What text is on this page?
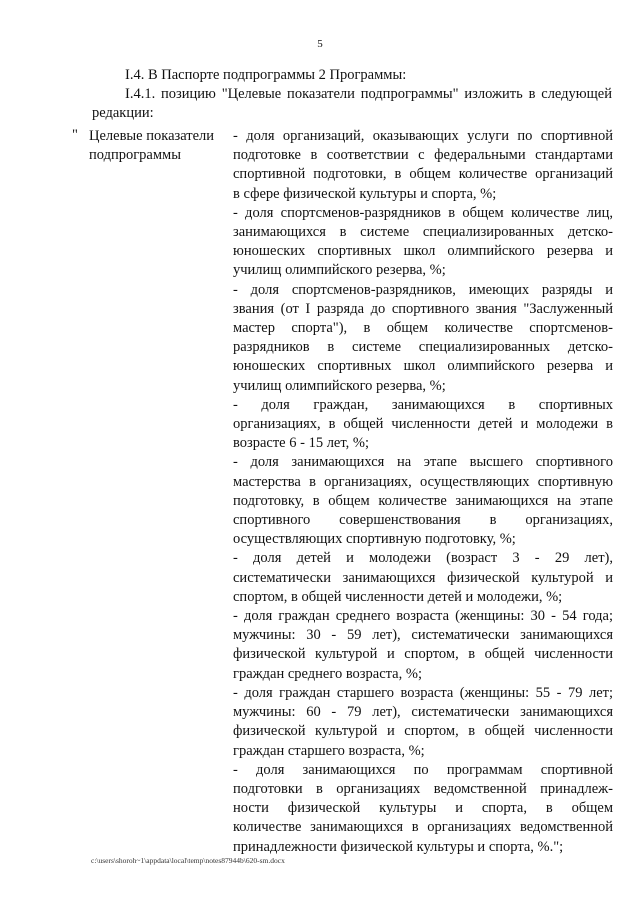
5
I.4. В Паспорте подпрограммы 2 Программы:
I.4.1. позицию "Целевые показатели подпрограммы" изложить в следующей
редакции:
" Целевые показатели
подпрограммы
- доля организаций, оказывающих услуги по спортивной
подготовке в соответствии с федеральными стандартами
спортивной подготовки, в общем количестве организаций
в сфере физической культуры и спорта, %;
- доля спортсменов-разрядников в общем количестве лиц,
занимающихся в системе специализированных детско-
юношеских спортивных школ олимпийского резерва и
училищ олимпийского резерва, %;
- доля спортсменов-разрядников, имеющих разряды и
звания (от I разряда до спортивного звания "Заслуженный
мастер спорта"), в общем количестве спортсменов-
разрядников в системе специализированных детско-
юношеских спортивных школ олимпийского резерва и
училищ олимпийского резерва, %;
- доля граждан, занимающихся в спортивных
организациях, в общей численности детей и молодежи в
возрасте 6 - 15 лет, %;
- доля занимающихся на этапе высшего спортивного
мастерства в организациях, осуществляющих спортивную
подготовку, в общем количестве занимающихся на этапе
спортивного совершенствования в организациях,
осуществляющих спортивную подготовку, %;
- доля детей и молодежи (возраст 3 - 29 лет),
систематически занимающихся физической культурой и
спортом, в общей численности детей и молодежи, %;
- доля граждан среднего возраста (женщины: 30 - 54 года;
мужчины: 30 - 59 лет), систематически занимающихся
физической культурой и спортом, в общей численности
граждан среднего возраста, %;
- доля граждан старшего возраста (женщины: 55 - 79 лет;
мужчины: 60 - 79 лет), систематически занимающихся
физической культурой и спортом, в общей численности
граждан старшего возраста, %;
- доля занимающихся по программам спортивной
подготовки в организациях ведомственной принадлеж-
ности физической культуры и спорта, в общем
количестве занимающихся в организациях ведомственной
принадлежности физической культуры и спорта, %.";
c:\users\shoroh~1\appdata\local\temp\notes87944b\620-sm.docx
